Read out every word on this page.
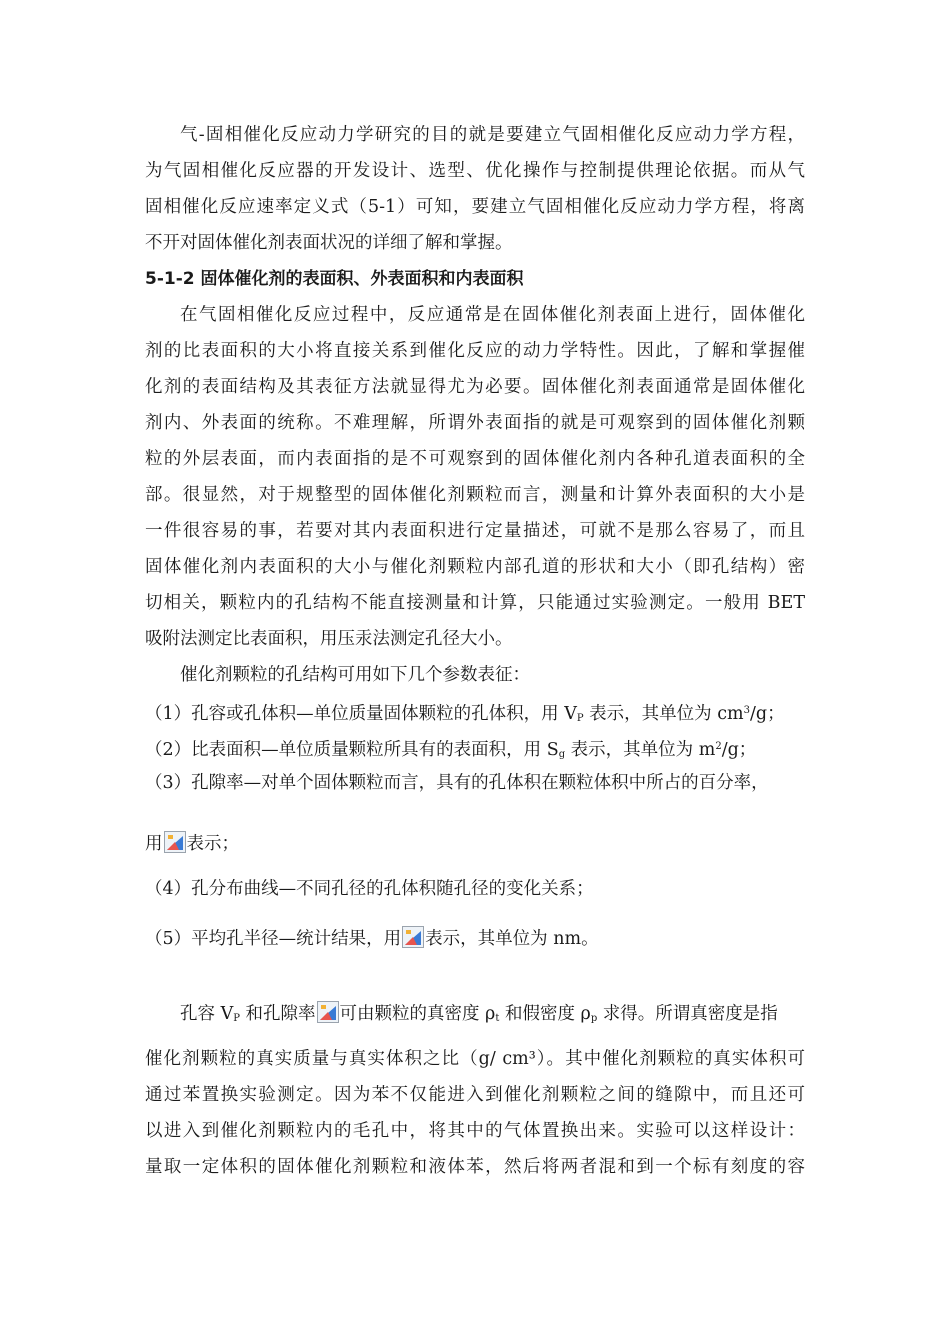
气-固相催化反应动力学研究的目的就是要建立气固相催化反应动力学方程，
为气固相催化反应器的开发设计、选型、优化操作与控制提供理论依据。而从气
固相催化反应速率定义式（5-1）可知，要建立气固相催化反应动力学方程，将离
不开对固体催化剂表面状况的详细了解和掌握。
5-1-2 固体催化剂的表面积、外表面积和内表面积
在气固相催化反应过程中，反应通常是在固体催化剂表面上进行，固体催化
剂的比表面积的大小将直接关系到催化反应的动力学特性。因此，了解和掌握催
化剂的表面结构及其表征方法就显得尤为必要。固体催化剂表面通常是固体催化
剂内、外表面的统称。不难理解，所谓外表面指的就是可观察到的固体催化剂颗
粒的外层表面，而内表面指的是不可观察到的固体催化剂内各种孔道表面积的全
部。很显然，对于规整型的固体催化剂颗粒而言，测量和计算外表面积的大小是
一件很容易的事，若要对其内表面积进行定量描述，可就不是那么容易了，而且
固体催化剂内表面积的大小与催化剂颗粒内部孔道的形状和大小（即孔结构）密
切相关，颗粒内的孔结构不能直接测量和计算，只能通过实验测定。一般用 BET
吸附法测定比表面积，用压汞法测定孔径大小。
催化剂颗粒的孔结构可用如下几个参数表征：
（1）孔容或孔体积—单位质量固体颗粒的孔体积，用 $V_P$ 表示，其单位为 $cm^3/g$；
（2）比表面积—单位质量颗粒所具有的表面积，用 $S_g$ 表示，其单位为 $m^2/g$；
（3）孔隙率—对单个固体颗粒而言，具有的孔体积在颗粒体积中所占的百分率，
用 表示；
（4）孔分布曲线—不同孔径的孔体积随孔径的变化关系；
（5）平均孔半径—统计结果，用 表示，其单位为 nm。
孔容 $V_P$ 和孔隙率 可由颗粒的真密度 $\rho_t$ 和假密度 $\rho_p$ 求得。所谓真密度是指
催化剂颗粒的真实质量与真实体积之比（g/ cm³）。其中催化剂颗粒的真实体积可
通过苯置换实验测定。因为苯不仅能进入到催化剂颗粒之间的缝隙中，而且还可
以进入到催化剂颗粒内的毛孔中，将其中的气体置换出来。实验可以这样设计：
量取一定体积的固体催化剂颗粒和液体苯，然后将两者混和到一个标有刻度的容
